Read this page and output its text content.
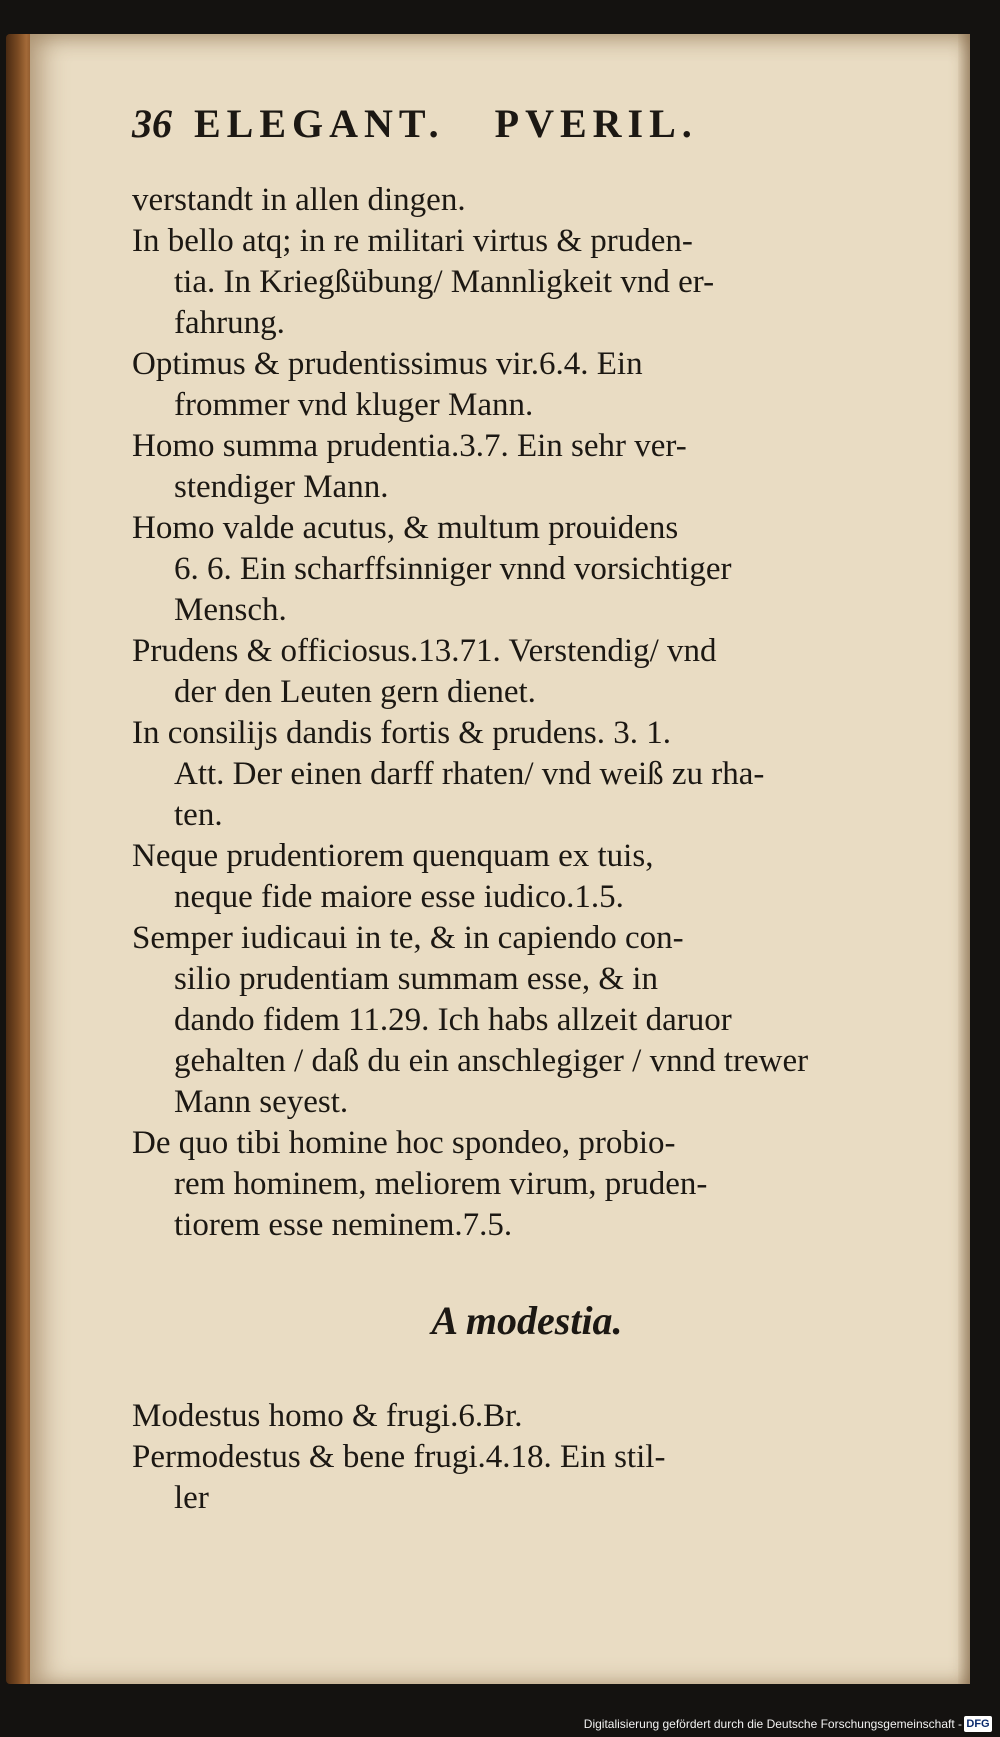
36 ELEGANT. PVERIL.
verstandt in allen dingen.
In bello atq; in re militari virtus & pruden-
tia. In Kriegßübung/ Mannligkeit vnd er-
fahrung.
Optimus & prudentissimus vir.6.4. Ein
frommer vnd kluger Mann.
Homo summa prudentia.3.7. Ein sehr ver-
stendiger Mann.
Homo valde acutus, & multum prouidens
6. 6. Ein scharffsinniger vnnd vorsichtiger
Mensch.
Prudens & officiosus.13.71. Verstendig/ vnd
der den Leuten gern dienet.
In consilijs dandis fortis & prudens. 3. 1.
Att. Der einen darff rhaten/ vnd weiß zu rha-
ten.
Neque prudentiorem quenquam ex tuis,
neque fide maiore esse iudico.1.5.
Semper iudicaui in te, & in capiendo con-
silio prudentiam summam esse, & in
dando fidem 11.29. Ich habs allzeit daruor
gehalten / daß du ein anschlegiger / vnnd trewer
Mann seyest.
De quo tibi homine hoc spondeo, probio-
rem hominem, meliorem virum, pruden-
tiorem esse neminem.7.5.
A modestia.
Modestus homo & frugi.6.Br.
Permodestus & bene frugi.4.18. Ein stil-
ler
Digitalisierung gefördert durch die Deutsche Forschungsgemeinschaft - DFG
